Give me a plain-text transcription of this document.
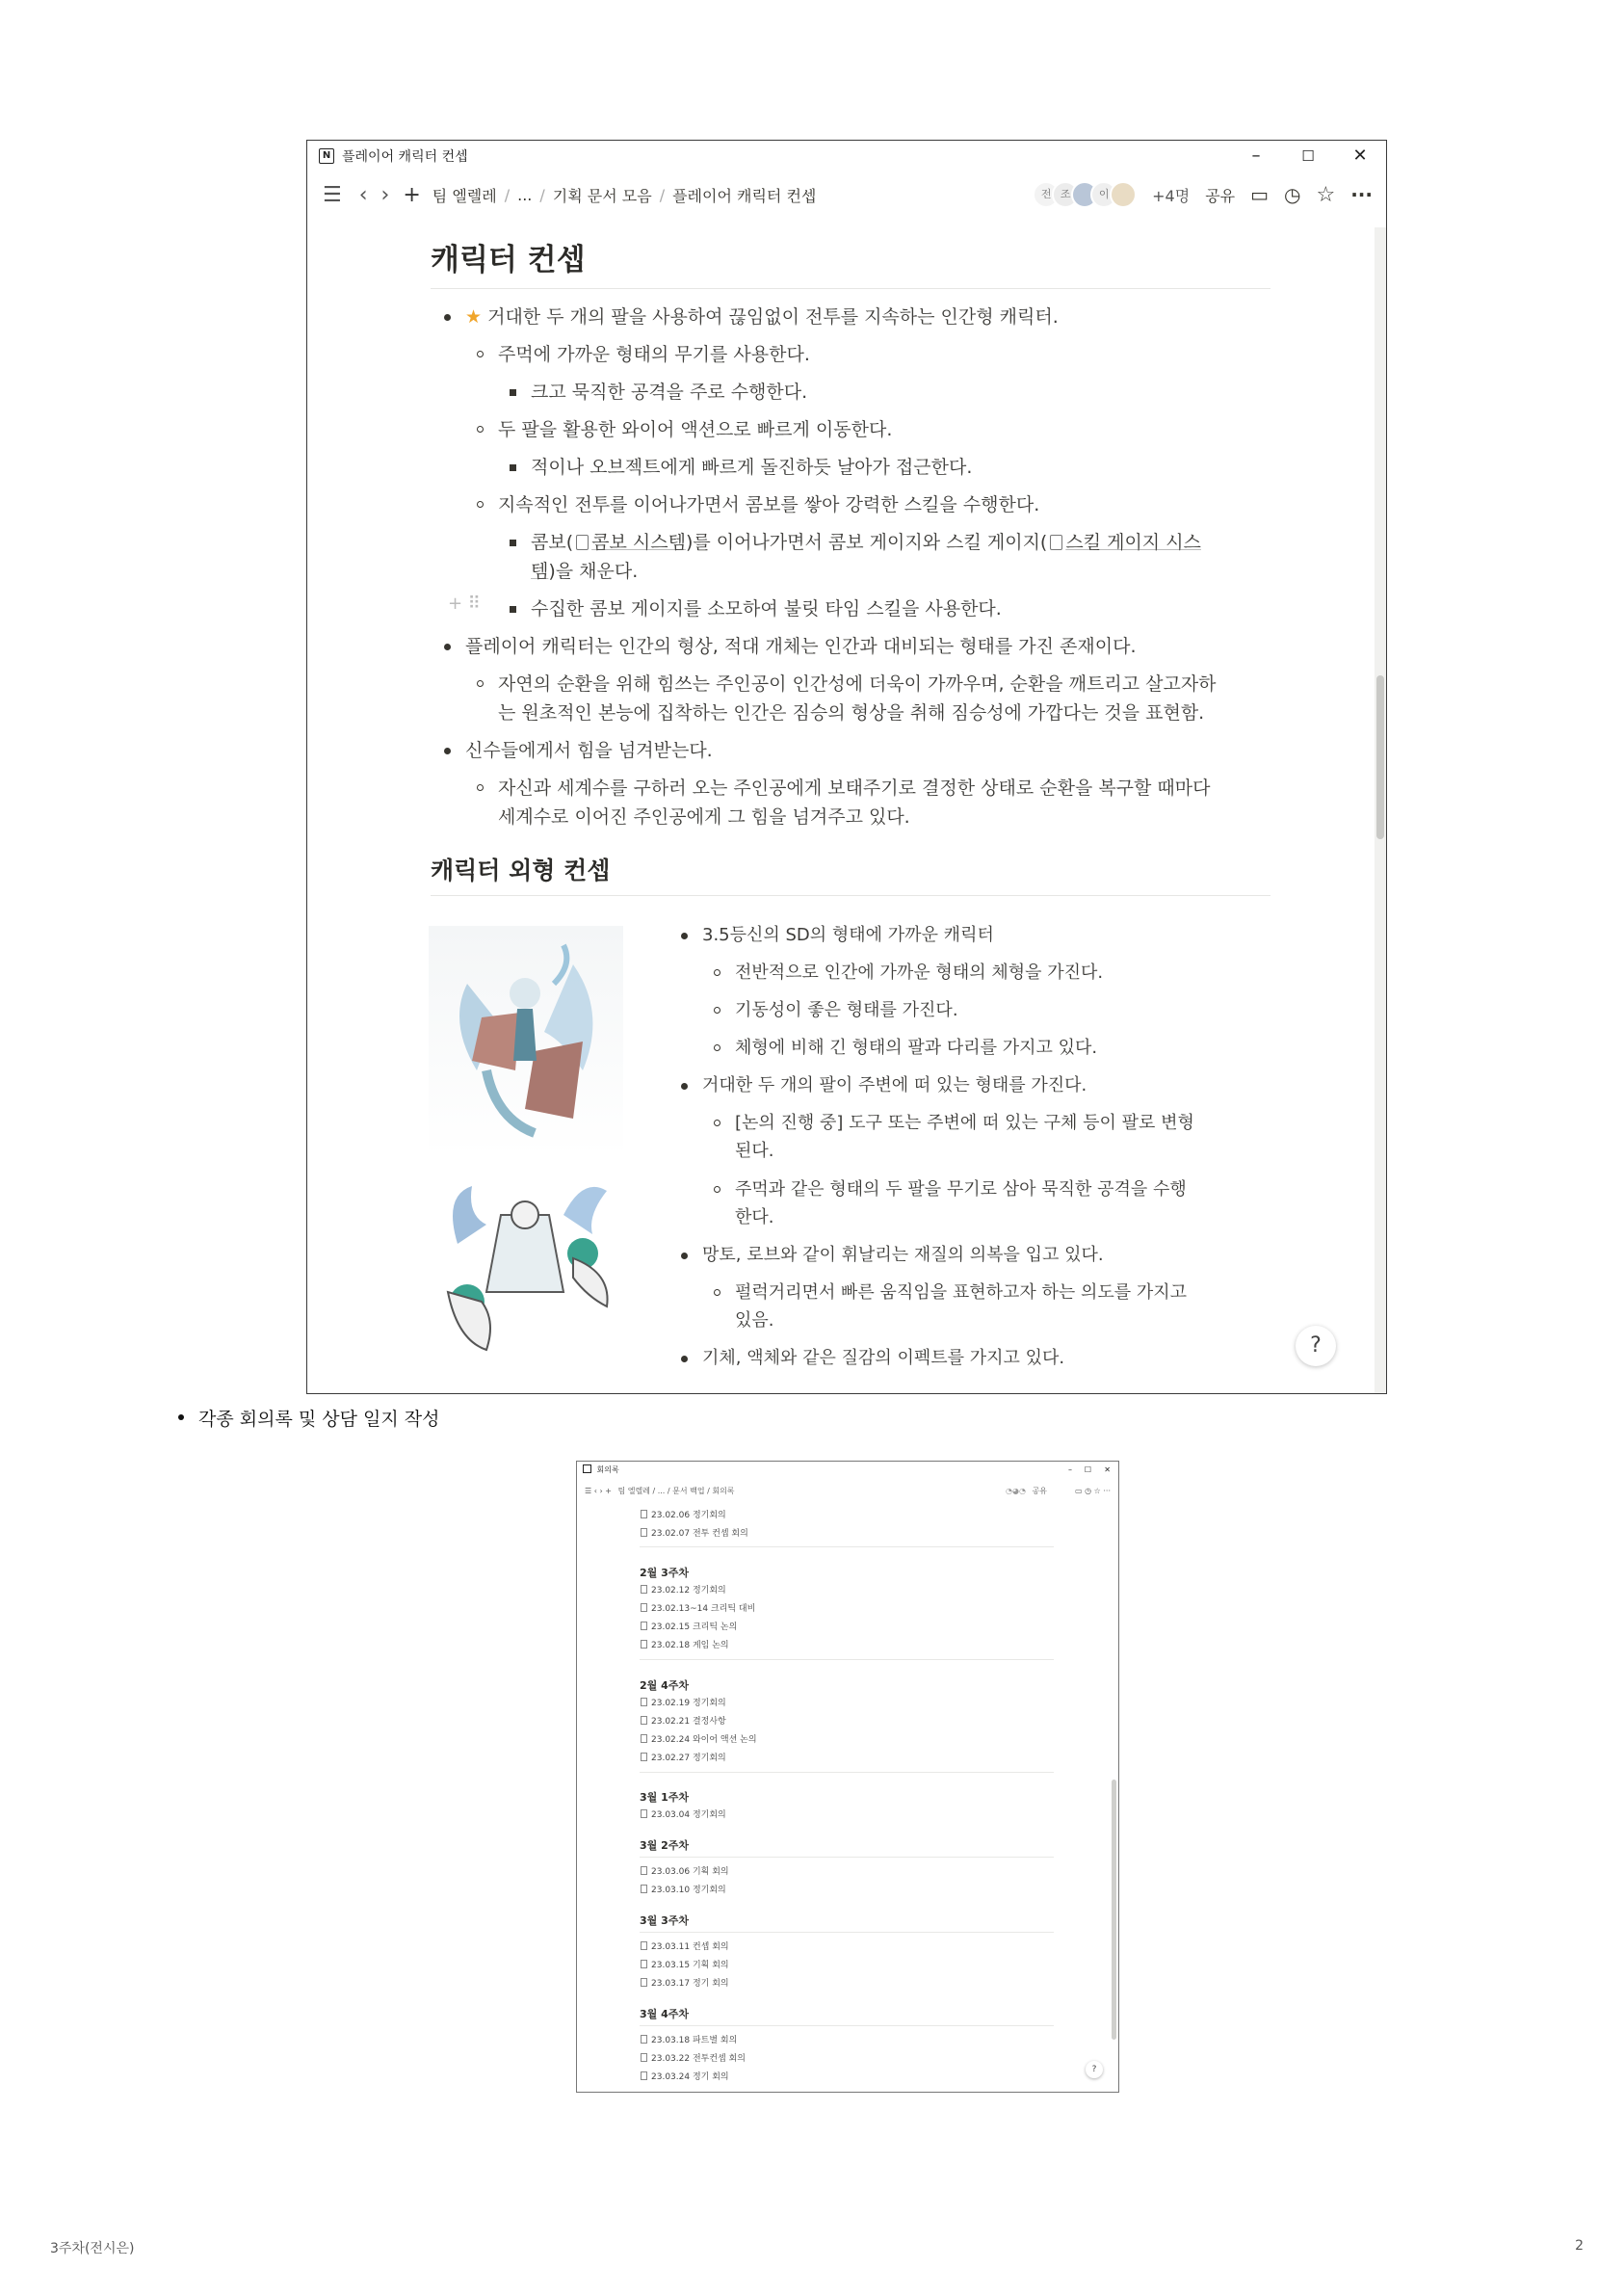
N 플레이어 캐릭터 컨셉	–	☐	✕
☰ ‹ › + 팀 엘렐레 / ... / 기획 문서 모음 / 플레이어 캐릭터 컨셉	전 조	이	+4명 공유 ▭ ◷ ☆ ···
캐릭터 컨셉
★ 거대한 두 개의 팔을 사용하여 끊임없이 전투를 지속하는 인간형 캐릭터.
주먹에 가까운 형태의 무기를 사용한다.
크고 묵직한 공격을 주로 수행한다.
두 팔을 활용한 와이어 액션으로 빠르게 이동한다.
적이나 오브젝트에게 빠르게 돌진하듯 날아가 접근한다.
지속적인 전투를 이어나가면서 콤보를 쌓아 강력한 스킬을 수행한다.
콤보( 콤보 시스템)를 이어나가면서 콤보 게이지와 스킬 게이지( 스킬 게이지 시스
템)을 채운다.
+ ⠿	수집한 콤보 게이지를 소모하여 불릿 타임 스킬을 사용한다.
플레이어 캐릭터는 인간의 형상, 적대 개체는 인간과 대비되는 형태를 가진 존재이다.
자연의 순환을 위해 힘쓰는 주인공이 인간성에 더욱이 가까우며, 순환을 깨트리고 살고자하
는 원초적인 본능에 집착하는 인간은 짐승의 형상을 취해 짐승성에 가깝다는 것을 표현함.
신수들에게서 힘을 넘겨받는다.
자신과 세계수를 구하러 오는 주인공에게 보태주기로 결정한 상태로 순환을 복구할 때마다
세계수로 이어진 주인공에게 그 힘을 넘겨주고 있다.
캐릭터 외형 컨셉
3.5등신의 SD의 형태에 가까운 캐릭터
전반적으로 인간에 가까운 형태의 체형을 가진다.
기동성이 좋은 형태를 가진다.
체형에 비해 긴 형태의 팔과 다리를 가지고 있다.
거대한 두 개의 팔이 주변에 떠 있는 형태를 가진다.
[논의 진행 중] 도구 또는 주변에 떠 있는 구체 등이 팔로 변형
된다.
주먹과 같은 형태의 두 팔을 무기로 삼아 묵직한 공격을 수행
한다.
망토, 로브와 같이 휘날리는 재질의 의복을 입고 있다.
펄럭거리면서 빠른 움직임을 표현하고자 하는 의도를 가지고
있음.
기체, 액체와 같은 질감의 이펙트를 가지고 있다.
?
각종 회의록 및 상담 일지 작성
회의록	– ☐ ✕
☰ ‹ › + 팀 엘렐레 / ... / 문서 백업 / 회의록	◔◕◔ 공유	▭ ◷ ☆ ···
23.02.06 정기회의
23.02.07 전투 컨셉 회의
2월 3주차
23.02.12 정기회의
23.02.13~14 크리틱 대비
23.02.15 크리틱 논의
23.02.18 게임 논의
2월 4주차
23.02.19 정기회의
23.02.21 결정사항
23.02.24 와이어 액션 논의
23.02.27 정기회의
3월 1주차
23.03.04 정기회의
3월 2주차
23.03.06 기획 회의
23.03.10 정기회의
3월 3주차
23.03.11 컨셉 회의
23.03.15 기획 회의
23.03.17 정기 회의
3월 4주차
23.03.18 파트별 회의
23.03.22 전투컨셉 회의
23.03.24 정기 회의
?
3주차(전시은)	2
